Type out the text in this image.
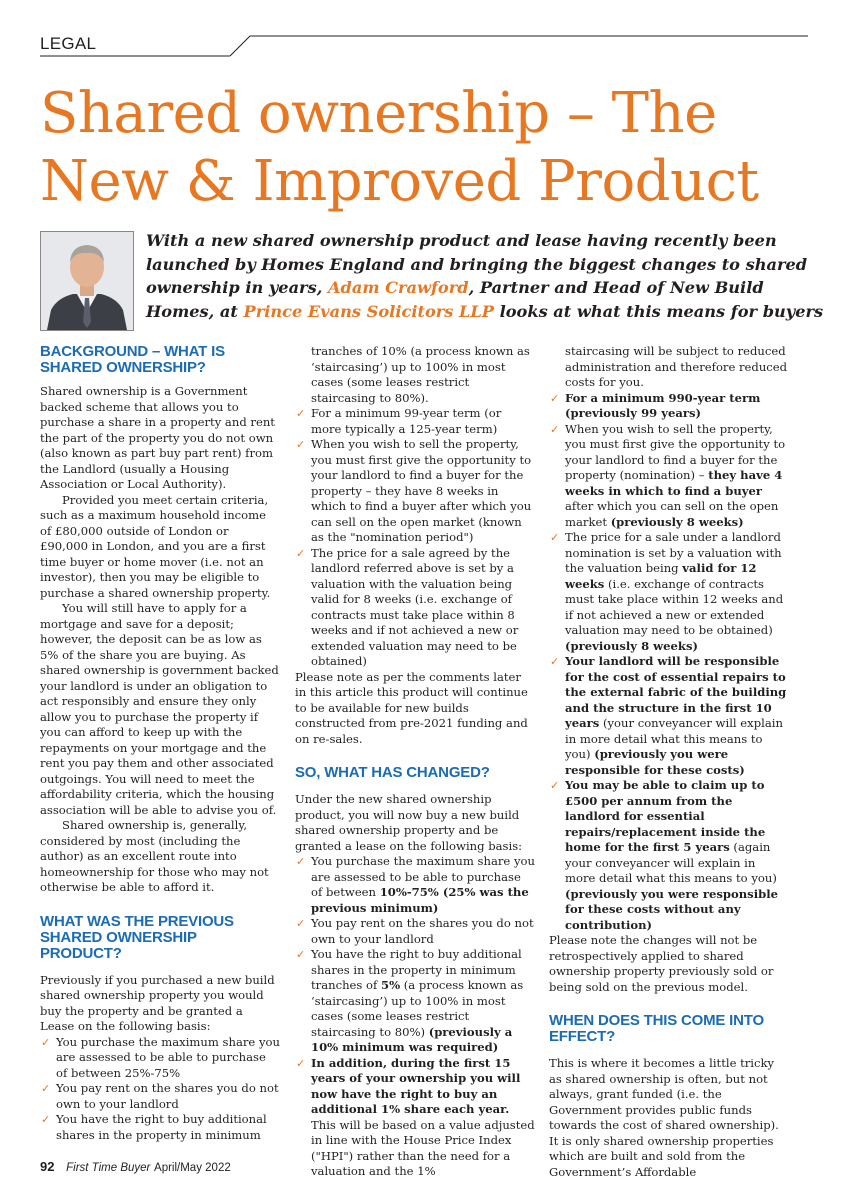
LEGAL
Shared ownership – The
New & Improved Product

With a new shared ownership product and lease having recently been launched by Homes England and bringing the biggest changes to shared ownership in years, Adam Crawford, Partner and Head of New Build Homes, at Prince Evans Solicitors LLP looks at what this means for buyers

BACKGROUND – WHAT IS SHARED OWNERSHIP?

Shared ownership is a Government backed scheme that allows you to purchase a share in a property and rent the part of the property you do not own (also known as part buy part rent) from the Landlord (usually a Housing Association or Local Authority).

Provided you meet certain criteria, such as a maximum household income of £80,000 outside of London or £90,000 in London, and you are a first time buyer or home mover (i.e. not an investor), then you may be eligible to purchase a shared ownership property.

You will still have to apply for a mortgage and save for a deposit; however, the deposit can be as low as 5% of the share you are buying. As shared ownership is government backed your landlord is under an obligation to act responsibly and ensure they only allow you to purchase the property if you can afford to keep up with the repayments on your mortgage and the rent you pay them and other associated outgoings. You will need to meet the affordability criteria, which the housing association will be able to advise you of.

Shared ownership is, generally, considered by most (including the author) as an excellent route into homeownership for those who may not otherwise be able to afford it.

WHAT WAS THE PREVIOUS SHARED OWNERSHIP PRODUCT?

Previously if you purchased a new build shared ownership property you would buy the property and be granted a Lease on the following basis:

✓ You purchase the maximum share you are assessed to be able to purchase of between 25%-75%
✓ You pay rent on the shares you do not own to your landlord
✓ You have the right to buy additional shares in the property in minimum
tranches of 10% (a process known as ‘staircasing’) up to 100% in most cases (some leases restrict staircasing to 80%).
✓ For a minimum 99-year term (or more typically a 125-year term)
✓ When you wish to sell the property, you must first give the opportunity to your landlord to find a buyer for the property – they have 8 weeks in which to find a buyer after which you can sell on the open market (known as the "nomination period")
✓ The price for a sale agreed by the landlord referred above is set by a valuation with the valuation being valid for 8 weeks (i.e. exchange of contracts must take place within 8 weeks and if not achieved a new or extended valuation may need to be obtained)

Please note as per the comments later in this article this product will continue to be available for new builds constructed from pre-2021 funding and on re-sales.

SO, WHAT HAS CHANGED?

Under the new shared ownership product, you will now buy a new build shared ownership property and be granted a lease on the following basis:

✓ You purchase the maximum share you are assessed to be able to purchase of between 10%-75% (25% was the previous minimum)
✓ You pay rent on the shares you do not own to your landlord
✓ You have the right to buy additional shares in the property in minimum tranches of 5% (a process known as ‘staircasing’) up to 100% in most cases (some leases restrict staircasing to 80%) (previously a 10% minimum was required)
✓ In addition, during the first 15 years of your ownership you will now have the right to buy an additional 1% share each year. This will be based on a value adjusted in line with the House Price Index ("HPI") rather than the need for a valuation and the 1%

staircasing will be subject to reduced administration and therefore reduced costs for you.

✓ For a minimum 990-year term (previously 99 years)
✓ When you wish to sell the property, you must first give the opportunity to your landlord to find a buyer for the property (nomination) – they have 4 weeks in which to find a buyer after which you can sell on the open market (previously 8 weeks)
✓ The price for a sale under a landlord nomination is set by a valuation with the valuation being valid for 12 weeks (i.e. exchange of contracts must take place within 12 weeks and if not achieved a new or extended valuation may need to be obtained) (previously 8 weeks)
✓ Your landlord will be responsible for the cost of essential repairs to the external fabric of the building and the structure in the first 10 years (your conveyancer will explain in more detail what this means to you) (previously you were responsible for these costs)
✓ You may be able to claim up to £500 per annum from the landlord for essential repairs/replacement inside the home for the first 5 years (again your conveyancer will explain in more detail what this means to you) (previously you were responsible for these costs without any contribution)

Please note the changes will not be retrospectively applied to shared ownership property previously sold or being sold on the previous model.

WHEN DOES THIS COME INTO EFFECT?

This is where it becomes a little tricky as shared ownership is often, but not always, grant funded (i.e. the Government provides public funds towards the cost of shared ownership). It is only shared ownership properties which are built and sold from the Government’s Affordable

92 First Time Buyer April/May 2022
